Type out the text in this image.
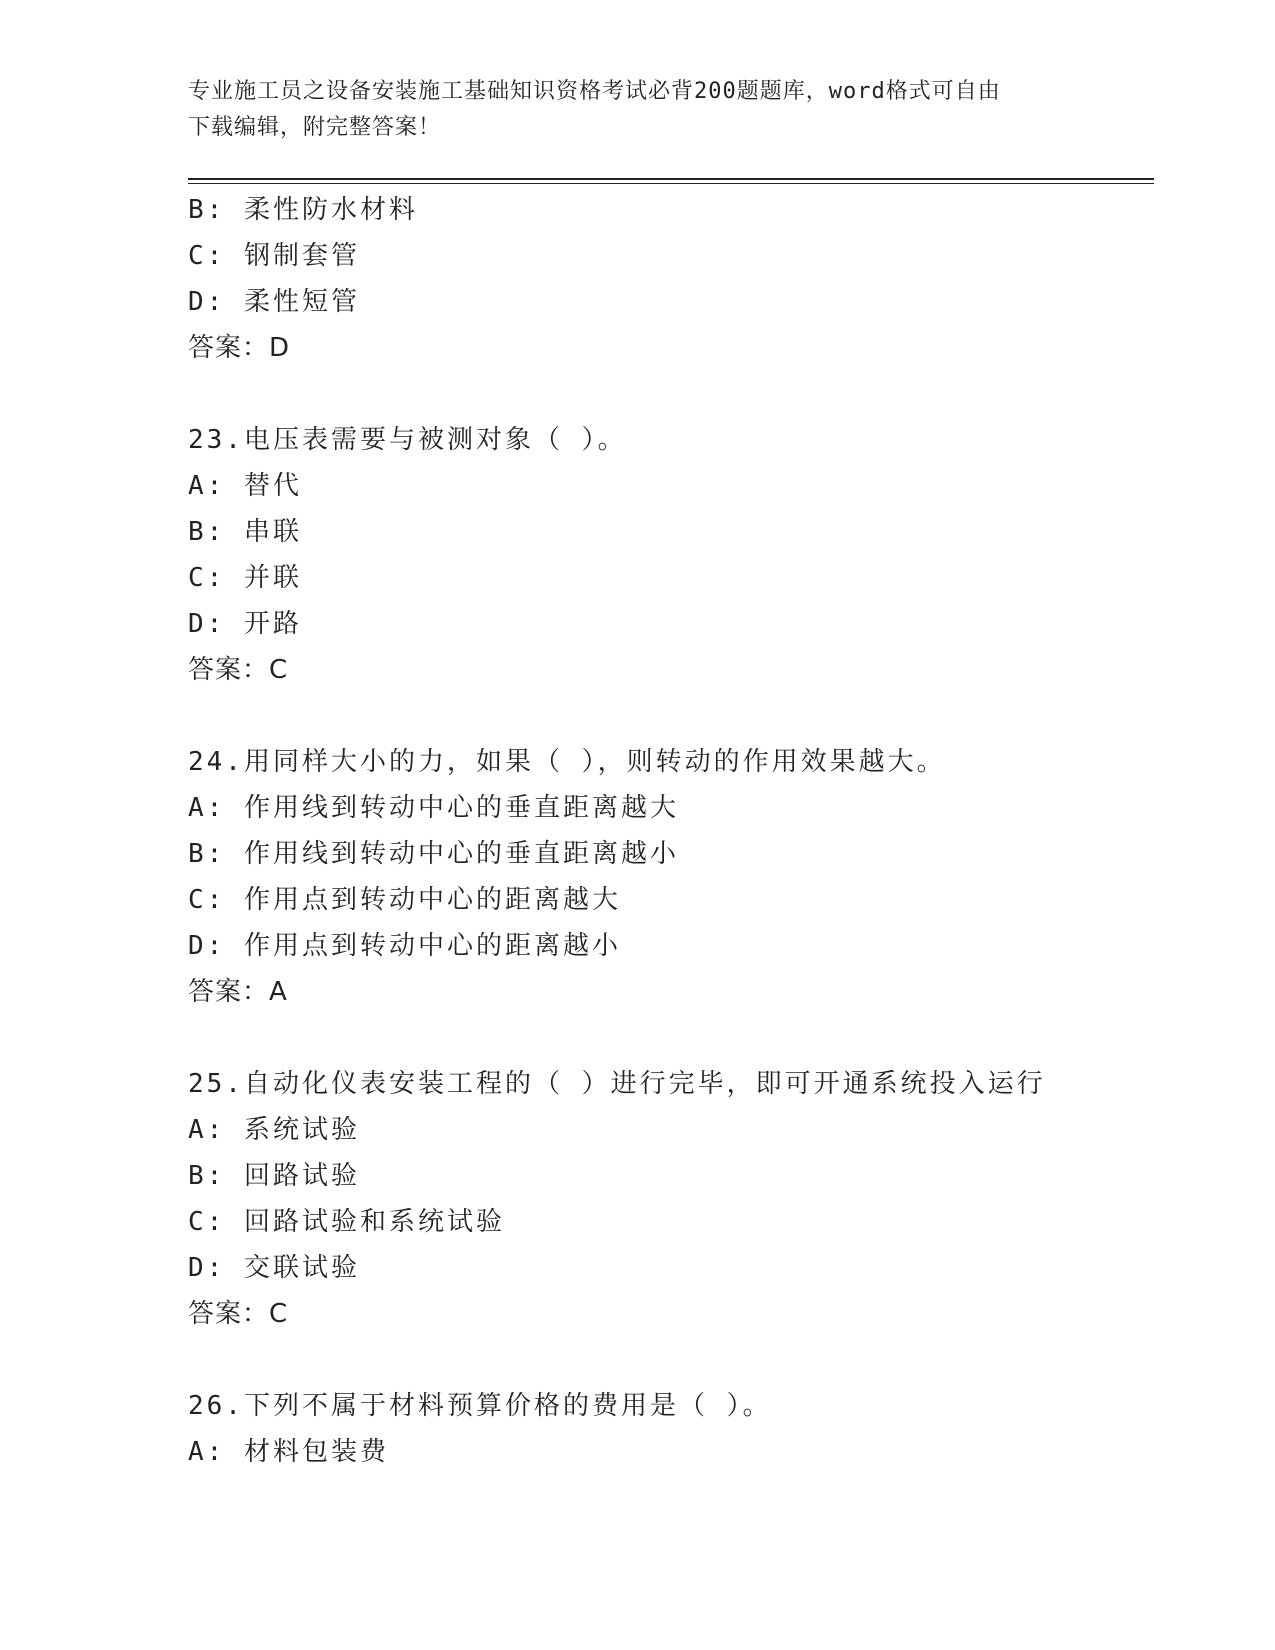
专业施工员之设备安装施工基础知识资格考试必背200题题库，word格式可自由
下载编辑，附完整答案！
B: 柔性防水材料
C: 钢制套管
D: 柔性短管
答案：D
23.电压表需要与被测对象（ ）。
A: 替代
B: 串联
C: 并联
D: 开路
答案：C
24.用同样大小的力，如果（ ），则转动的作用效果越大。
A: 作用线到转动中心的垂直距离越大
B: 作用线到转动中心的垂直距离越小
C: 作用点到转动中心的距离越大
D: 作用点到转动中心的距离越小
答案：A
25.自动化仪表安装工程的（ ）进行完毕，即可开通系统投入运行
A: 系统试验
B: 回路试验
C: 回路试验和系统试验
D: 交联试验
答案：C
26.下列不属于材料预算价格的费用是（ ）。
A: 材料包装费
